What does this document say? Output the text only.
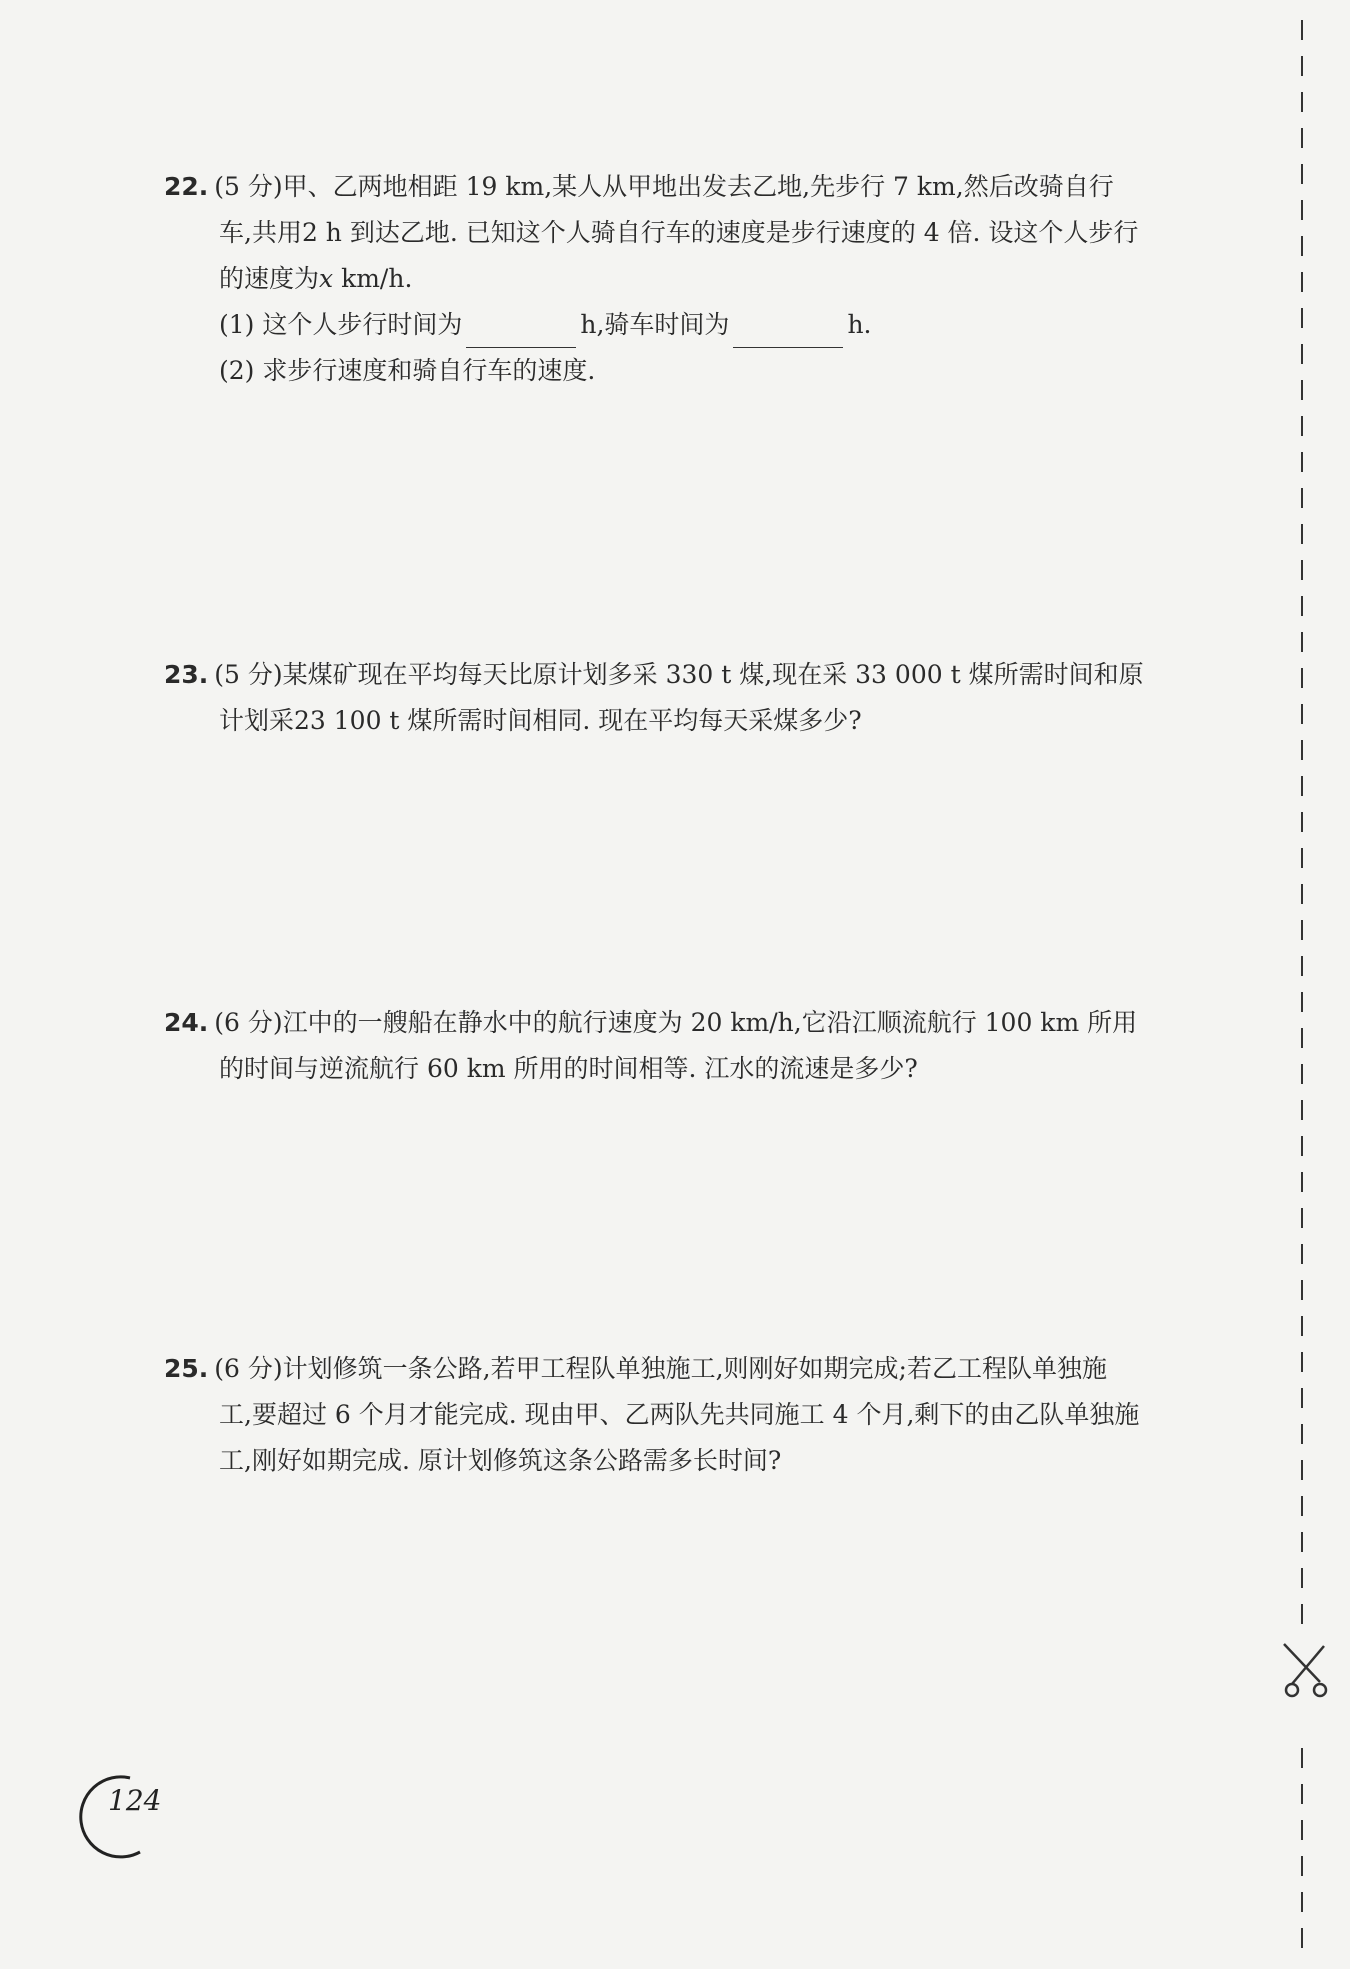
22. (5 分)甲、乙两地相距 19 km,某人从甲地出发去乙地,先步行 7 km,然后改骑自行
车,共用2 h 到达乙地. 已知这个人骑自行车的速度是步行速度的 4 倍. 设这个人步行
的速度为x km/h.
(1) 这个人步行时间为	h,骑车时间为	h.
(2) 求步行速度和骑自行车的速度.
23. (5 分)某煤矿现在平均每天比原计划多采 330 t 煤,现在采 33 000 t 煤所需时间和原
计划采23 100 t 煤所需时间相同. 现在平均每天采煤多少?
24. (6 分)江中的一艘船在静水中的航行速度为 20 km/h,它沿江顺流航行 100 km 所用
的时间与逆流航行 60 km 所用的时间相等. 江水的流速是多少?
25. (6 分)计划修筑一条公路,若甲工程队单独施工,则刚好如期完成;若乙工程队单独施
工,要超过 6 个月才能完成. 现由甲、乙两队先共同施工 4 个月,剩下的由乙队单独施
工,刚好如期完成. 原计划修筑这条公路需多长时间?
124
